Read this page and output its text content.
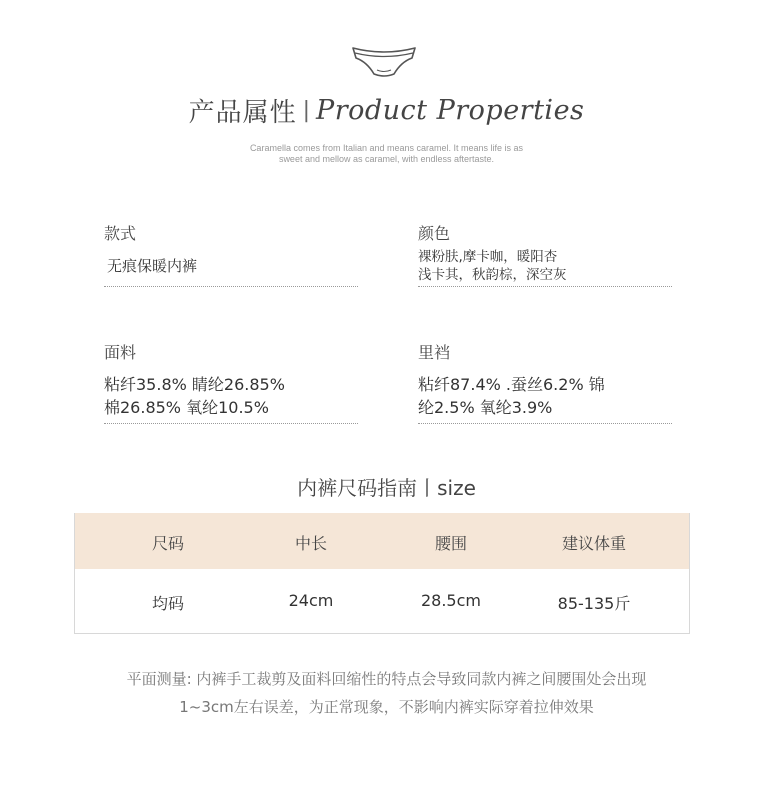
产品属性 | Product Properties
Caramella comes from Italian and means caramel. It means life is as
sweet and mellow as caramel, with endless aftertaste.
款式
无痕保暖内裤
颜色
裸粉肤,摩卡咖，暖阳杏
浅卡其，秋韵棕，深空灰
面料
粘纤35.8% 睛纶26.85%
棉26.85% 氧纶10.5%
里裆
粘纤87.4% .蚕丝6.2% 锦
纶2.5% 氧纶3.9%
内裤尺码指南丨size
尺码	中长	腰围	建议体重
均码	24cm	28.5cm	85-135斤
平面测量: 内裤手工裁剪及面料回缩性的特点会导致同款内裤之间腰围处会出现
1~3cm左右误差，为正常现象，不影响内裤实际穿着拉伸效果
